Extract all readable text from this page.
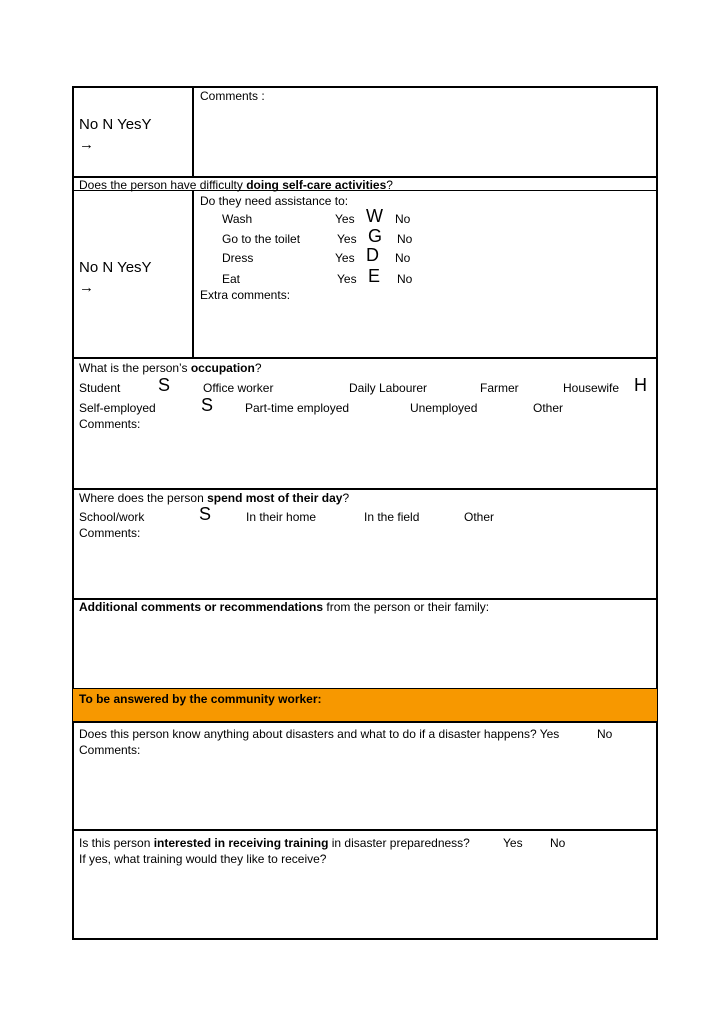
Comments :
No N YesY
→
Does the person have difficulty doing self-care activities?
Do they need assistance to:
No N YesY
→
Wash	Yes W No
Go to the toilet	Yes G No
Dress	Yes D No
Eat	Yes E No
Extra comments:
What is the person’s occupation?
Student S	Office worker	Daily Labourer	Farmer	Housewife H
Self-employed	S	Part-time employed	Unemployed	Other
Comments:
Where does the person spend most of their day?
School/work	S	In their home	In the field	Other
Comments:
Additional comments or recommendations from the person or their family:
To be answered by the community worker:
Does this person know anything about disasters and what to do if a disaster happens? Yes	No
Comments:
Is this person interested in receiving training in disaster preparedness?	Yes No
If yes, what training would they like to receive?
